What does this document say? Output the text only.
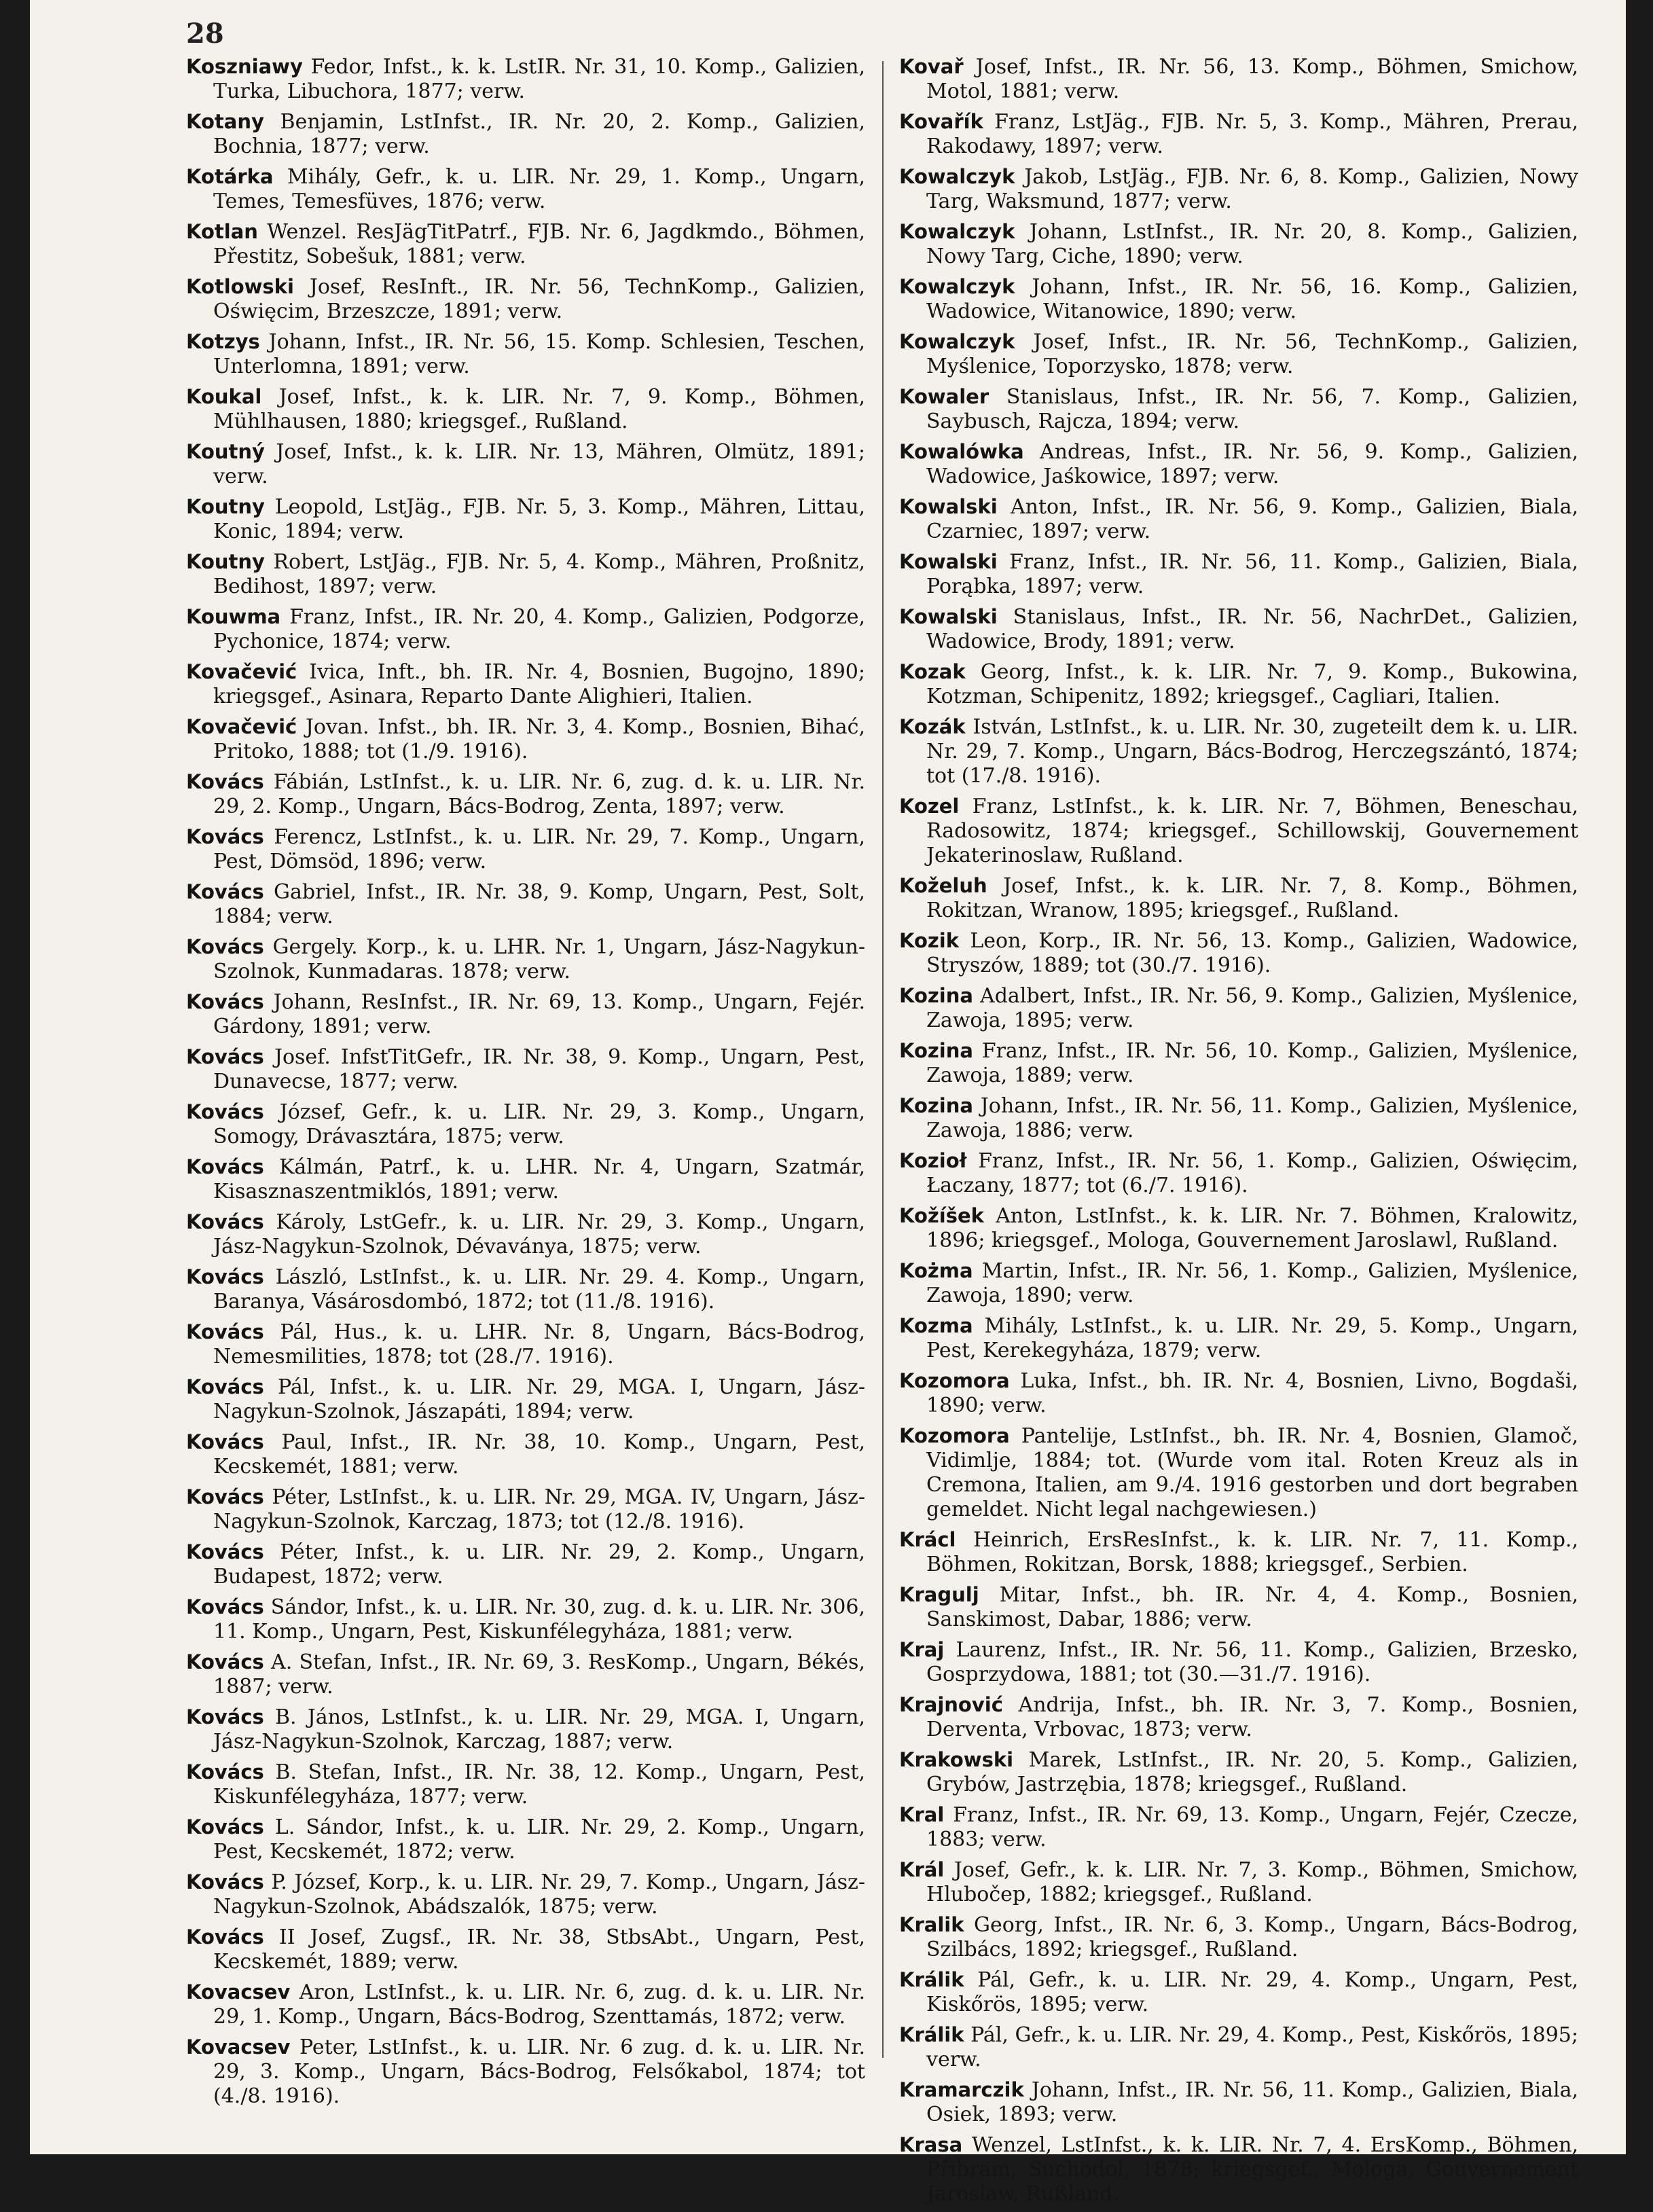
28

Koszniawy Fedor, Infst., k. k. LstIR. Nr. 31, 10. Komp., Galizien, Turka, Libuchora, 1877; verw.

Kotany Benjamin, LstInfst., IR. Nr. 20, 2. Komp., Galizien, Bochnia, 1877; verw.

Kotárka Mihály, Gefr., k. u. LIR. Nr. 29, 1. Komp., Ungarn, Temes, Temesfüves, 1876; verw.

Kotlan Wenzel. ResJägTitPatrf., FJB. Nr. 6, Jagdkmdo., Böhmen, Přestitz, Sobešuk, 1881; verw.

Kotlowski Josef, ResInft., IR. Nr. 56, TechnKomp., Galizien, Oświęcim, Brzeszcze, 1891; verw.

Kotzys Johann, Infst., IR. Nr. 56, 15. Komp. Schlesien, Teschen, Unterlomna, 1891; verw.

Koukal Josef, Infst., k. k. LIR. Nr. 7, 9. Komp., Böhmen, Mühlhausen, 1880; kriegsgef., Rußland.

Koutný Josef, Infst., k. k. LIR. Nr. 13, Mähren, Olmütz, 1891; verw.

Koutny Leopold, LstJäg., FJB. Nr. 5, 3. Komp., Mähren, Littau, Konic, 1894; verw.

Koutny Robert, LstJäg., FJB. Nr. 5, 4. Komp., Mähren, Proßnitz, Bedihost, 1897; verw.

Kouwma Franz, Infst., IR. Nr. 20, 4. Komp., Galizien, Podgorze, Pychonice, 1874; verw.

Kovačević Ivica, Inft., bh. IR. Nr. 4, Bosnien, Bugojno, 1890; kriegsgef., Asinara, Reparto Dante Alighieri, Italien.

Kovačević Jovan. Infst., bh. IR. Nr. 3, 4. Komp., Bosnien, Bihać, Pritoko, 1888; tot (1./9. 1916).

Kovács Fábián, LstInfst., k. u. LIR. Nr. 6, zug. d. k. u. LIR. Nr. 29, 2. Komp., Ungarn, Bács-Bodrog, Zenta, 1897; verw.

Kovács Ferencz, LstInfst., k. u. LIR. Nr. 29, 7. Komp., Ungarn, Pest, Dömsöd, 1896; verw.

Kovács Gabriel, Infst., IR. Nr. 38, 9. Komp, Ungarn, Pest, Solt, 1884; verw.

Kovács Gergely. Korp., k. u. LHR. Nr. 1, Ungarn, Jász-Nagykun-Szolnok, Kunmadaras. 1878; verw.

Kovács Johann, ResInfst., IR. Nr. 69, 13. Komp., Ungarn, Fejér. Gárdony, 1891; verw.

Kovács Josef. InfstTitGefr., IR. Nr. 38, 9. Komp., Ungarn, Pest, Dunavecse, 1877; verw.

Kovács József, Gefr., k. u. LIR. Nr. 29, 3. Komp., Ungarn, Somogy, Drávasztára, 1875; verw.

Kovács Kálmán, Patrf., k. u. LHR. Nr. 4, Ungarn, Szatmár, Kisasznaszentmiklós, 1891; verw.

Kovács Károly, LstGefr., k. u. LIR. Nr. 29, 3. Komp., Ungarn, Jász-Nagykun-Szolnok, Dévaványa, 1875; verw.

Kovács László, LstInfst., k. u. LIR. Nr. 29. 4. Komp., Ungarn, Baranya, Vásárosdombó, 1872; tot (11./8. 1916).

Kovács Pál, Hus., k. u. LHR. Nr. 8, Ungarn, Bács-Bodrog, Nemesmilities, 1878; tot (28./7. 1916).

Kovács Pál, Infst., k. u. LIR. Nr. 29, MGA. I, Ungarn, Jász-Nagykun-Szolnok, Jászapáti, 1894; verw.

Kovács Paul, Infst., IR. Nr. 38, 10. Komp., Ungarn, Pest, Kecskemét, 1881; verw.

Kovács Péter, LstInfst., k. u. LIR. Nr. 29, MGA. IV, Ungarn, Jász-Nagykun-Szolnok, Karczag, 1873; tot (12./8. 1916).

Kovács Péter, Infst., k. u. LIR. Nr. 29, 2. Komp., Ungarn, Budapest, 1872; verw.

Kovács Sándor, Infst., k. u. LIR. Nr. 30, zug. d. k. u. LIR. Nr. 306, 11. Komp., Ungarn, Pest, Kiskunfélegyháza, 1881; verw.

Kovács A. Stefan, Infst., IR. Nr. 69, 3. ResKomp., Ungarn, Békés, 1887; verw.

Kovács B. János, LstInfst., k. u. LIR. Nr. 29, MGA. I, Ungarn, Jász-Nagykun-Szolnok, Karczag, 1887; verw.

Kovács B. Stefan, Infst., IR. Nr. 38, 12. Komp., Ungarn, Pest, Kiskunfélegyháza, 1877; verw.

Kovács L. Sándor, Infst., k. u. LIR. Nr. 29, 2. Komp., Ungarn, Pest, Kecskemét, 1872; verw.

Kovács P. József, Korp., k. u. LIR. Nr. 29, 7. Komp., Ungarn, Jász-Nagykun-Szolnok, Abádszalók, 1875; verw.

Kovács II Josef, Zugsf., IR. Nr. 38, StbsAbt., Ungarn, Pest, Kecskemét, 1889; verw.

Kovacsev Aron, LstInfst., k. u. LIR. Nr. 6, zug. d. k. u. LIR. Nr. 29, 1. Komp., Ungarn, Bács-Bodrog, Szenttamás, 1872; verw.

Kovacsev Peter, LstInfst., k. u. LIR. Nr. 6 zug. d. k. u. LIR. Nr. 29, 3. Komp., Ungarn, Bács-Bodrog, Felsőkabol, 1874; tot (4./8. 1916).

Kovař Josef, Infst., IR. Nr. 56, 13. Komp., Böhmen, Smichow, Motol, 1881; verw.

Kovařík Franz, LstJäg., FJB. Nr. 5, 3. Komp., Mähren, Prerau, Rakodawy, 1897; verw.

Kowalczyk Jakob, LstJäg., FJB. Nr. 6, 8. Komp., Galizien, Nowy Targ, Waksmund, 1877; verw.

Kowalczyk Johann, LstInfst., IR. Nr. 20, 8. Komp., Galizien, Nowy Targ, Ciche, 1890; verw.

Kowalczyk Johann, Infst., IR. Nr. 56, 16. Komp., Galizien, Wadowice, Witanowice, 1890; verw.

Kowalczyk Josef, Infst., IR. Nr. 56, TechnKomp., Galizien, Myślenice, Toporzysko, 1878; verw.

Kowaler Stanislaus, Infst., IR. Nr. 56, 7. Komp., Galizien, Saybusch, Rajcza, 1894; verw.

Kowalówka Andreas, Infst., IR. Nr. 56, 9. Komp., Galizien, Wadowice, Jaśkowice, 1897; verw.

Kowalski Anton, Infst., IR. Nr. 56, 9. Komp., Galizien, Biala, Czarniec, 1897; verw.

Kowalski Franz, Infst., IR. Nr. 56, 11. Komp., Galizien, Biala, Porąbka, 1897; verw.

Kowalski Stanislaus, Infst., IR. Nr. 56, NachrDet., Galizien, Wadowice, Brody, 1891; verw.

Kozak Georg, Infst., k. k. LIR. Nr. 7, 9. Komp., Bukowina, Kotzman, Schipenitz, 1892; kriegsgef., Cagliari, Italien.

Kozák István, LstInfst., k. u. LIR. Nr. 30, zugeteilt dem k. u. LIR. Nr. 29, 7. Komp., Ungarn, Bács-Bodrog, Herczegszántó, 1874; tot (17./8. 1916).

Kozel Franz, LstInfst., k. k. LIR. Nr. 7, Böhmen, Beneschau, Radosowitz, 1874; kriegsgef., Schillowskij, Gouvernement Jekaterinoslaw, Rußland.

Koželuh Josef, Infst., k. k. LIR. Nr. 7, 8. Komp., Böhmen, Rokitzan, Wranow, 1895; kriegsgef., Rußland.

Kozik Leon, Korp., IR. Nr. 56, 13. Komp., Galizien, Wadowice, Stryszów, 1889; tot (30./7. 1916).

Kozina Adalbert, Infst., IR. Nr. 56, 9. Komp., Galizien, Myślenice, Zawoja, 1895; verw.

Kozina Franz, Infst., IR. Nr. 56, 10. Komp., Galizien, Myślenice, Zawoja, 1889; verw.

Kozina Johann, Infst., IR. Nr. 56, 11. Komp., Galizien, Myślenice, Zawoja, 1886; verw.

Kozioł Franz, Infst., IR. Nr. 56, 1. Komp., Galizien, Oświęcim, Łaczany, 1877; tot (6./7. 1916).

Kožíšek Anton, LstInfst., k. k. LIR. Nr. 7. Böhmen, Kralowitz, 1896; kriegsgef., Mologa, Gouvernement Jaroslawl, Rußland.

Kożma Martin, Infst., IR. Nr. 56, 1. Komp., Galizien, Myślenice, Zawoja, 1890; verw.

Kozma Mihály, LstInfst., k. u. LIR. Nr. 29, 5. Komp., Ungarn, Pest, Kerekegyháza, 1879; verw.

Kozomora Luka, Infst., bh. IR. Nr. 4, Bosnien, Livno, Bogdaši, 1890; verw.

Kozomora Pantelije, LstInfst., bh. IR. Nr. 4, Bosnien, Glamoč, Vidimlje, 1884; tot. (Wurde vom ital. Roten Kreuz als in Cremona, Italien, am 9./4. 1916 gestorben und dort begraben gemeldet. Nicht legal nachgewiesen.)

Krácl Heinrich, ErsResInfst., k. k. LIR. Nr. 7, 11. Komp., Böhmen, Rokitzan, Borsk, 1888; kriegsgef., Serbien.

Kragulj Mitar, Infst., bh. IR. Nr. 4, 4. Komp., Bosnien, Sanskimost, Dabar, 1886; verw.

Kraj Laurenz, Infst., IR. Nr. 56, 11. Komp., Galizien, Brzesko, Gosprzydowa, 1881; tot (30.—31./7. 1916).

Krajnović Andrija, Infst., bh. IR. Nr. 3, 7. Komp., Bosnien, Derventa, Vrbovac, 1873; verw.

Krakowski Marek, LstInfst., IR. Nr. 20, 5. Komp., Galizien, Grybów, Jastrzębia, 1878; kriegsgef., Rußland.

Kral Franz, Infst., IR. Nr. 69, 13. Komp., Ungarn, Fejér, Czecze, 1883; verw.

Král Josef, Gefr., k. k. LIR. Nr. 7, 3. Komp., Böhmen, Smichow, Hlubočep, 1882; kriegsgef., Rußland.

Kralik Georg, Infst., IR. Nr. 6, 3. Komp., Ungarn, Bács-Bodrog, Szilbács, 1892; kriegsgef., Rußland.

Králik Pál, Gefr., k. u. LIR. Nr. 29, 4. Komp., Ungarn, Pest, Kiskőrös, 1895; verw.

Králik Pál, Gefr., k. u. LIR. Nr. 29, 4. Komp., Pest, Kiskőrös, 1895; verw.

Kramarczik Johann, Infst., IR. Nr. 56, 11. Komp., Galizien, Biala, Osiek, 1893; verw.

Krasa Wenzel, LstInfst., k. k. LIR. Nr. 7, 4. ErsKomp., Böhmen, Přibram, Suchodol, 1878; kriegsgef., Mologa, Gouvernement Jaroslaw, Rußland.
